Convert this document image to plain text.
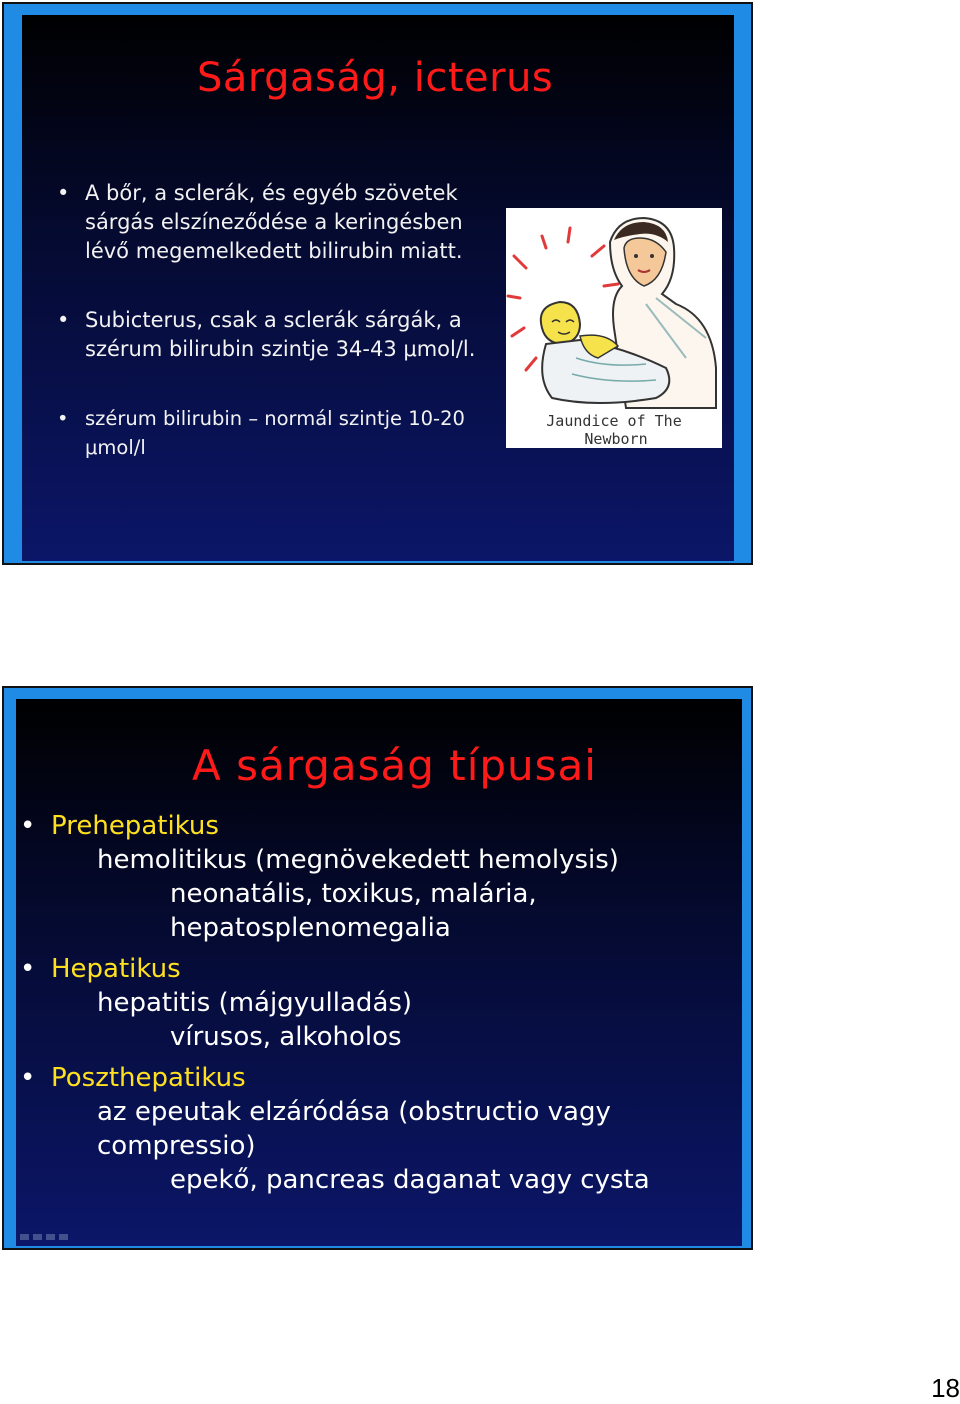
Sárgaság, icterus
• A bőr, a sclerák, és egyéb szövetek sárgás elszíneződése a keringésben lévő megemelkedett bilirubin miatt.
• Subicterus, csak a sclerák sárgák, a szérum bilirubin szintje 34-43 μmol/l.
• szérum bilirubin – normál szintje 10-20 μmol/l
Jaundice of The
Newborn
A sárgaság típusai
• Prehepatikus
hemolitikus (megnövekedett hemolysis)
neonatális, toxikus, malária,
hepatosplenomegalia
• Hepatikus
hepatitis (májgyulladás)
vírusos, alkoholos
• Poszthepatikus
az epeutak elzáródása (obstructio vagy
compressio)
epekő, pancreas daganat vagy cysta
18
